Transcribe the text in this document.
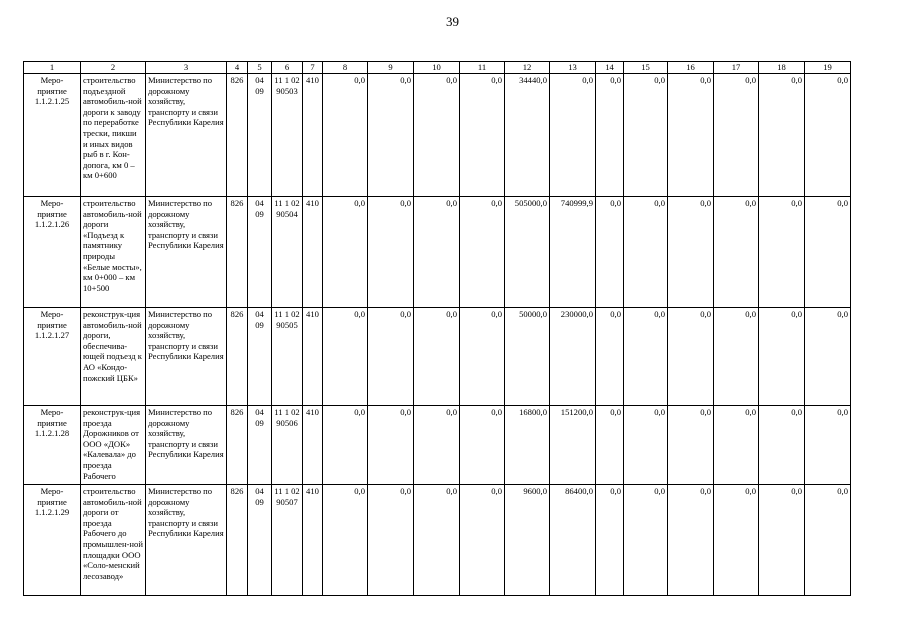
39
1	2	3	4	5	6	7	8	9	10	11	12	13	14	15	16	17	18	19
Меро-
приятие
1.1.2.1.25	строительство подъездной автомобиль-ной дороги к заводу по переработке трески, пикши и иных видов рыб в г. Кон-допога, км 0 – км 0+600	Министерство по дорожному хозяйству, транспорту и связи Республики Карелия	826	04 09	11 1 02 90503	410	0,0	0,0	0,0	0,0	34440,0	0,0	0,0	0,0	0,0	0,0	0,0	0,0
Меро-
приятие
1.1.2.1.26	строительство автомобиль-ной дороги «Подъезд к памятнику природы «Белые мосты», км 0+000 – км 10+500	Министерство по дорожному хозяйству, транспорту и связи Республики Карелия	826	04 09	11 1 02 90504	410	0,0	0,0	0,0	0,0	505000,0	740999,9	0,0	0,0	0,0	0,0	0,0	0,0
Меро-
приятие
1.1.2.1.27	реконструк-ция автомобиль-ной дороги, обеспечива-ющей подъезд к АО «Кондо-пожский ЦБК»	Министерство по дорожному хозяйству, транспорту и связи Республики Карелия	826	04 09	11 1 02 90505	410	0,0	0,0	0,0	0,0	50000,0	230000,0	0,0	0,0	0,0	0,0	0,0	0,0
Меро-
приятие
1.1.2.1.28	реконструк-ция проезда Дорожников от ООО «ДОК» «Калевала» до проезда Рабочего	Министерство по дорожному хозяйству, транспорту и связи Республики Карелия	826	04 09	11 1 02 90506	410	0,0	0,0	0,0	0,0	16800,0	151200,0	0,0	0,0	0,0	0,0	0,0	0,0
Меро-
приятие
1.1.2.1.29	строительство автомобиль-ной дороги от проезда Рабочего до промышлен-ной площадки ООО «Соло-менский лесозавод»	Министерство по дорожному хозяйству, транспорту и связи Республики Карелия	826	04 09	11 1 02 90507	410	0,0	0,0	0,0	0,0	9600,0	86400,0	0,0	0,0	0,0	0,0	0,0	0,0
